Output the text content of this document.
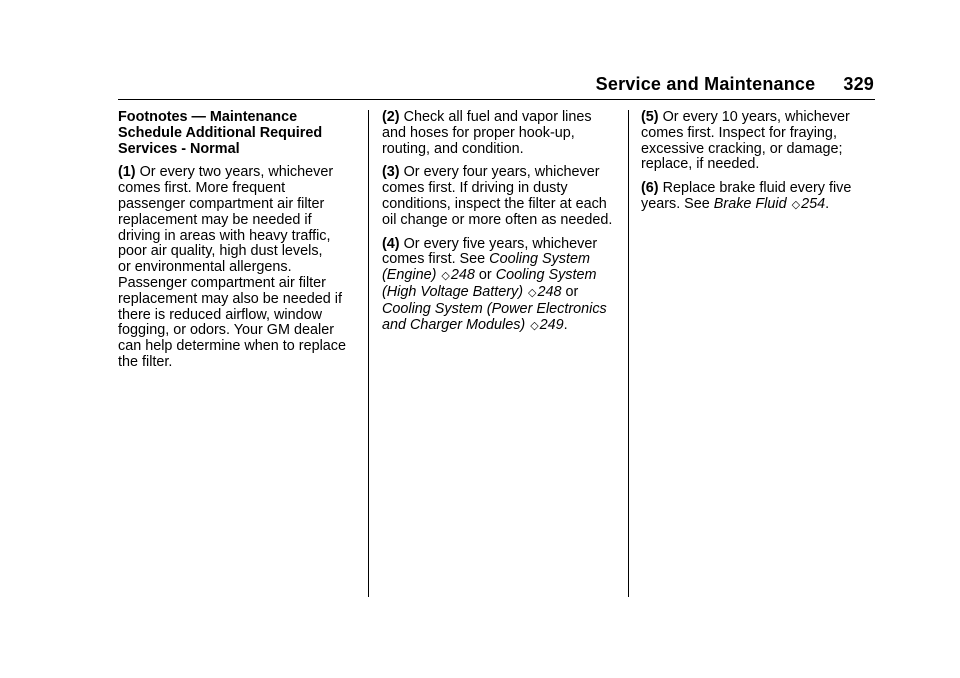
Service and Maintenance 329

Footnotes — Maintenance
Schedule Additional Required
Services - Normal

(1) Or every two years, whichever
comes first. More frequent
passenger compartment air filter
replacement may be needed if
driving in areas with heavy traffic,
poor air quality, high dust levels,
or environmental allergens.
Passenger compartment air filter
replacement may also be needed if
there is reduced airflow, window
fogging, or odors. Your GM dealer
can help determine when to replace
the filter.

(2) Check all fuel and vapor lines
and hoses for proper hook-up,
routing, and condition.

(3) Or every four years, whichever
comes first. If driving in dusty
conditions, inspect the filter at each
oil change or more often as needed.

(4) Or every five years, whichever
comes first. See Cooling System
(Engine) ◇248 or Cooling System
(High Voltage Battery) ◇248 or
Cooling System (Power Electronics
and Charger Modules) ◇249.

(5) Or every 10 years, whichever
comes first. Inspect for fraying,
excessive cracking, or damage;
replace, if needed.

(6) Replace brake fluid every five
years. See Brake Fluid ◇254.
